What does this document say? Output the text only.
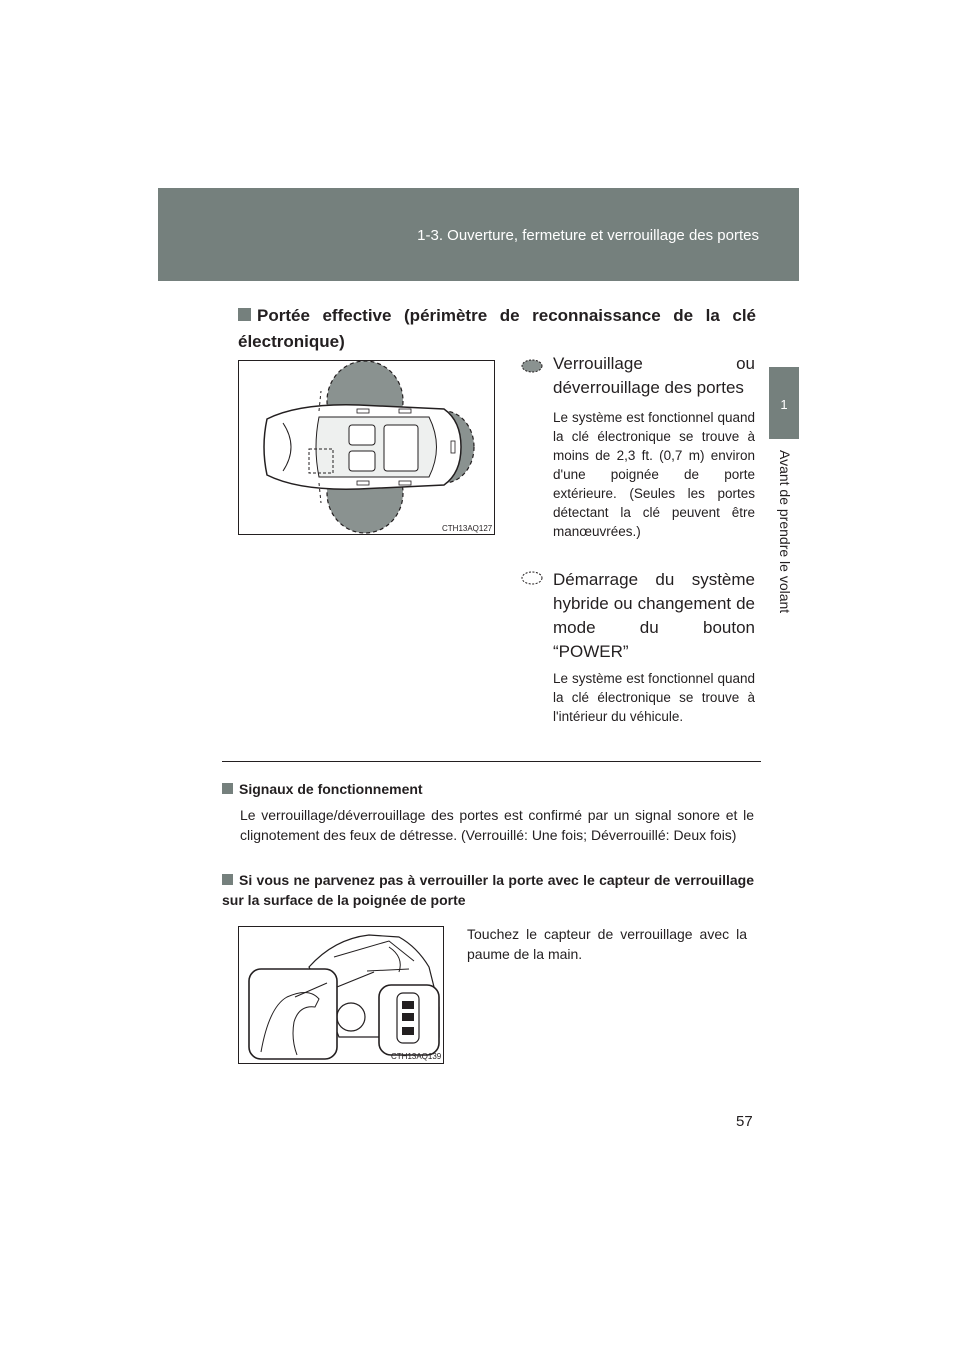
1-3. Ouverture, fermeture et verrouillage des portes
1
Avant de prendre le volant
Portée effective (périmètre de reconnaissance de la clé électronique)
CTH13AQ127
Verrouillage ou déverrouillage des portes
Le système est fonctionnel quand la clé électronique se trouve à moins de 2,3 ft. (0,7 m) environ d'une poignée de porte extérieure. (Seules les portes détectant la clé peuvent être manœuvrées.)
Démarrage du système hybride ou changement de mode du bouton “POWER”
Le système est fonctionnel quand la clé électronique se trouve à l'intérieur du véhicule.
Signaux de fonctionnement
Le verrouillage/déverrouillage des portes est confirmé par un signal sonore et le clignotement des feux de détresse. (Verrouillé: Une fois; Déverrouillé: Deux fois)
Si vous ne parvenez pas à verrouiller la porte avec le capteur de verrouillage sur la surface de la poignée de porte
CTH13AQ139
Touchez le capteur de verrouillage avec la paume de la main.
57
